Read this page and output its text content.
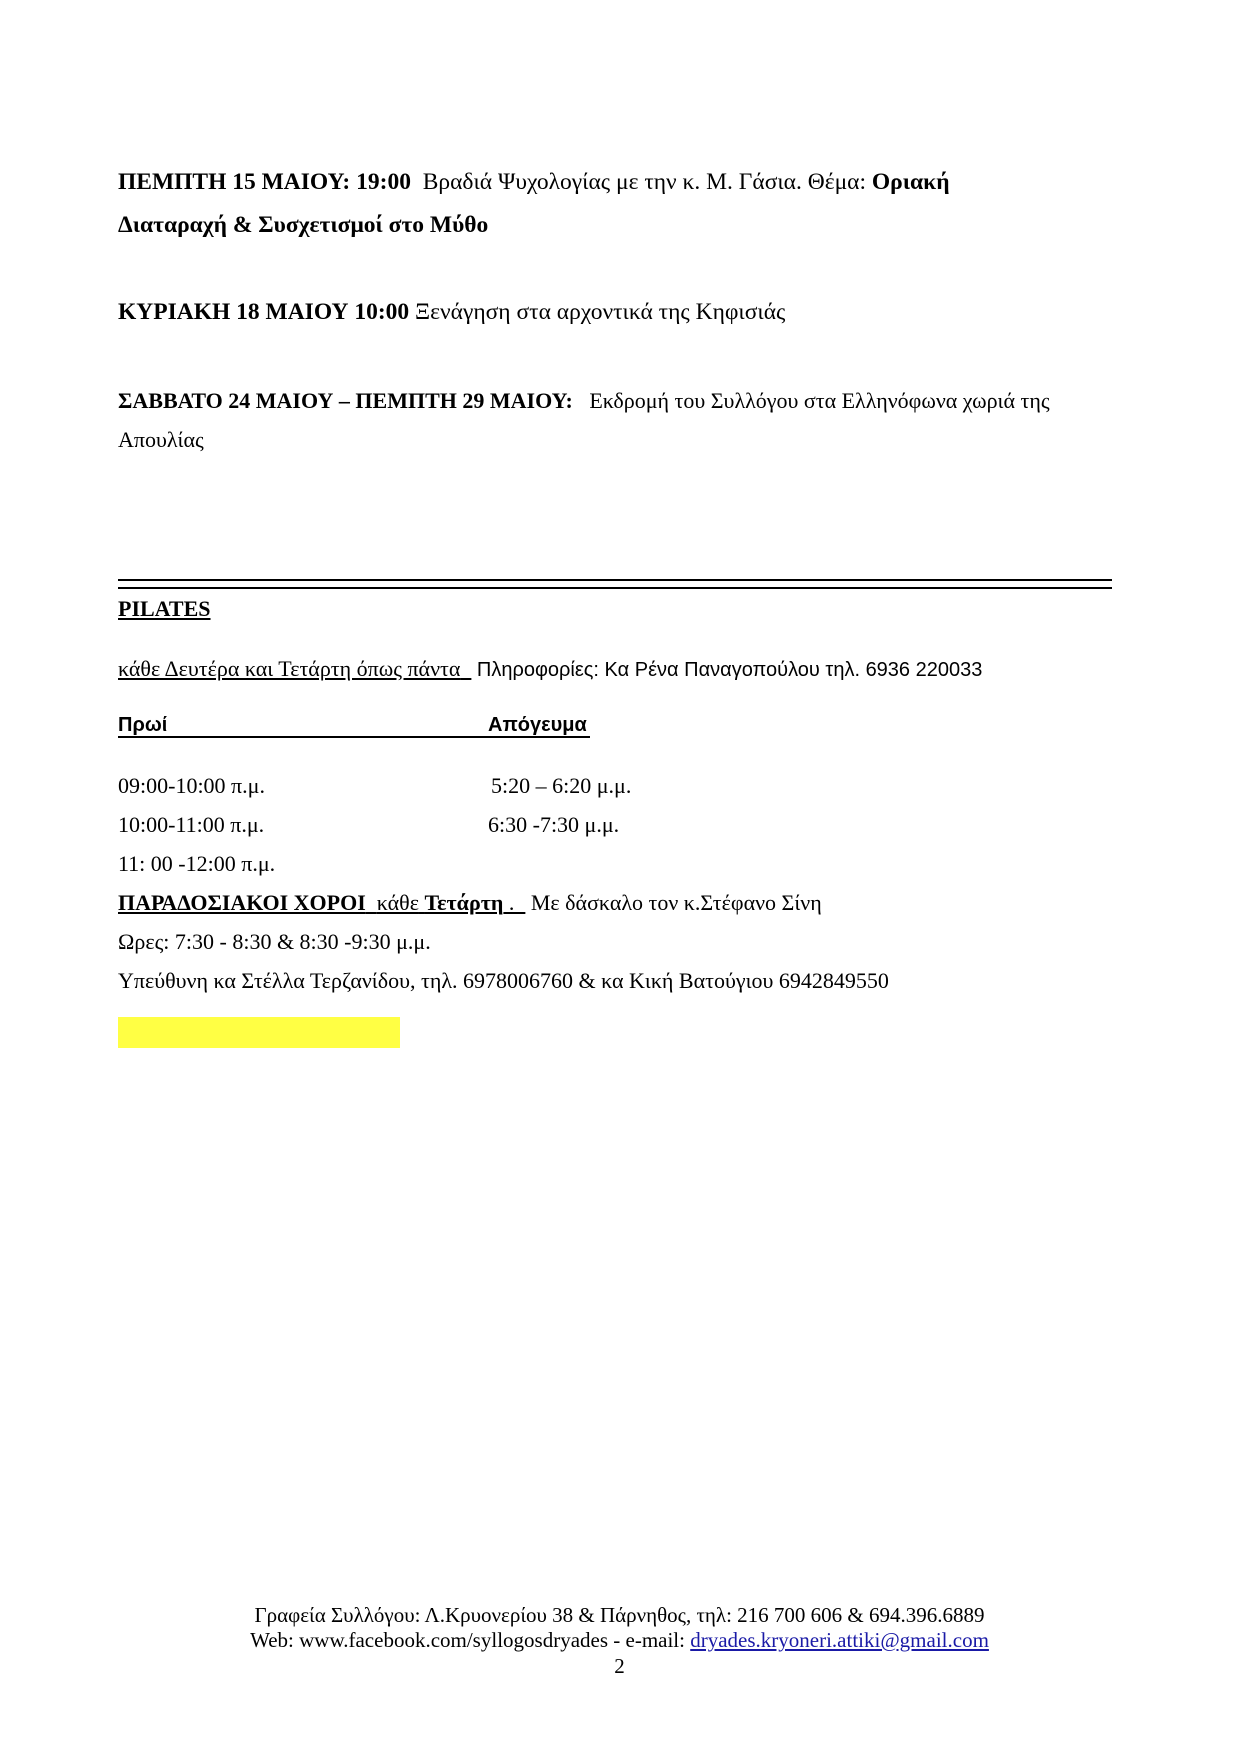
ΠΕΜΠΤΗ 15 ΜΑΙΟΥ: 19:00 Βραδιά Ψυχολογίας με την κ. Μ. Γάσια. Θέμα: Οριακή
Διαταραχή & Συσχετισμοί στο Μύθο
ΚΥΡΙΑΚΗ 18 ΜΑΙΟΥ 10:00 Ξενάγηση στα αρχοντικά της Κηφισιάς
ΣΑΒΒΑΤΟ 24 ΜΑΙΟΥ – ΠΕΜΠΤΗ 29 ΜΑΙΟΥ: Εκδρομή του Συλλόγου στα Ελληνόφωνα χωριά της
Απουλίας
PILATES
κάθε Δευτέρα και Τετάρτη όπως πάντα Πληροφορίες: Κα Ρένα Παναγοπούλου τηλ. 6936 220033
Πρωί	Απόγευμα
09:00-10:00 π.μ.	5:20 – 6:20 μ.μ.
10:00-11:00 π.μ.	6:30 -7:30 μ.μ.
11: 00 -12:00 π.μ.
ΠΑΡΑΔΟΣΙΑΚΟΙ ΧΟΡΟΙ κάθε Τετάρτη .   Με δάσκαλο τον κ.Στέφανο Σίνη
Ωρες: 7:30 - 8:30 & 8:30 -9:30 μ.μ.
Υπεύθυνη κα Στέλλα Τερζανίδου, τηλ. 6978006760 & κα Κική Βατούγιου 6942849550
Γραφεία Συλλόγου: Λ.Κρυονερίου 38 & Πάρνηθος, τηλ: 216 700 606 & 694.396.6889
Web: www.facebook.com/syllogosdryades - e-mail: dryades.kryoneri.attiki@gmail.com
2
